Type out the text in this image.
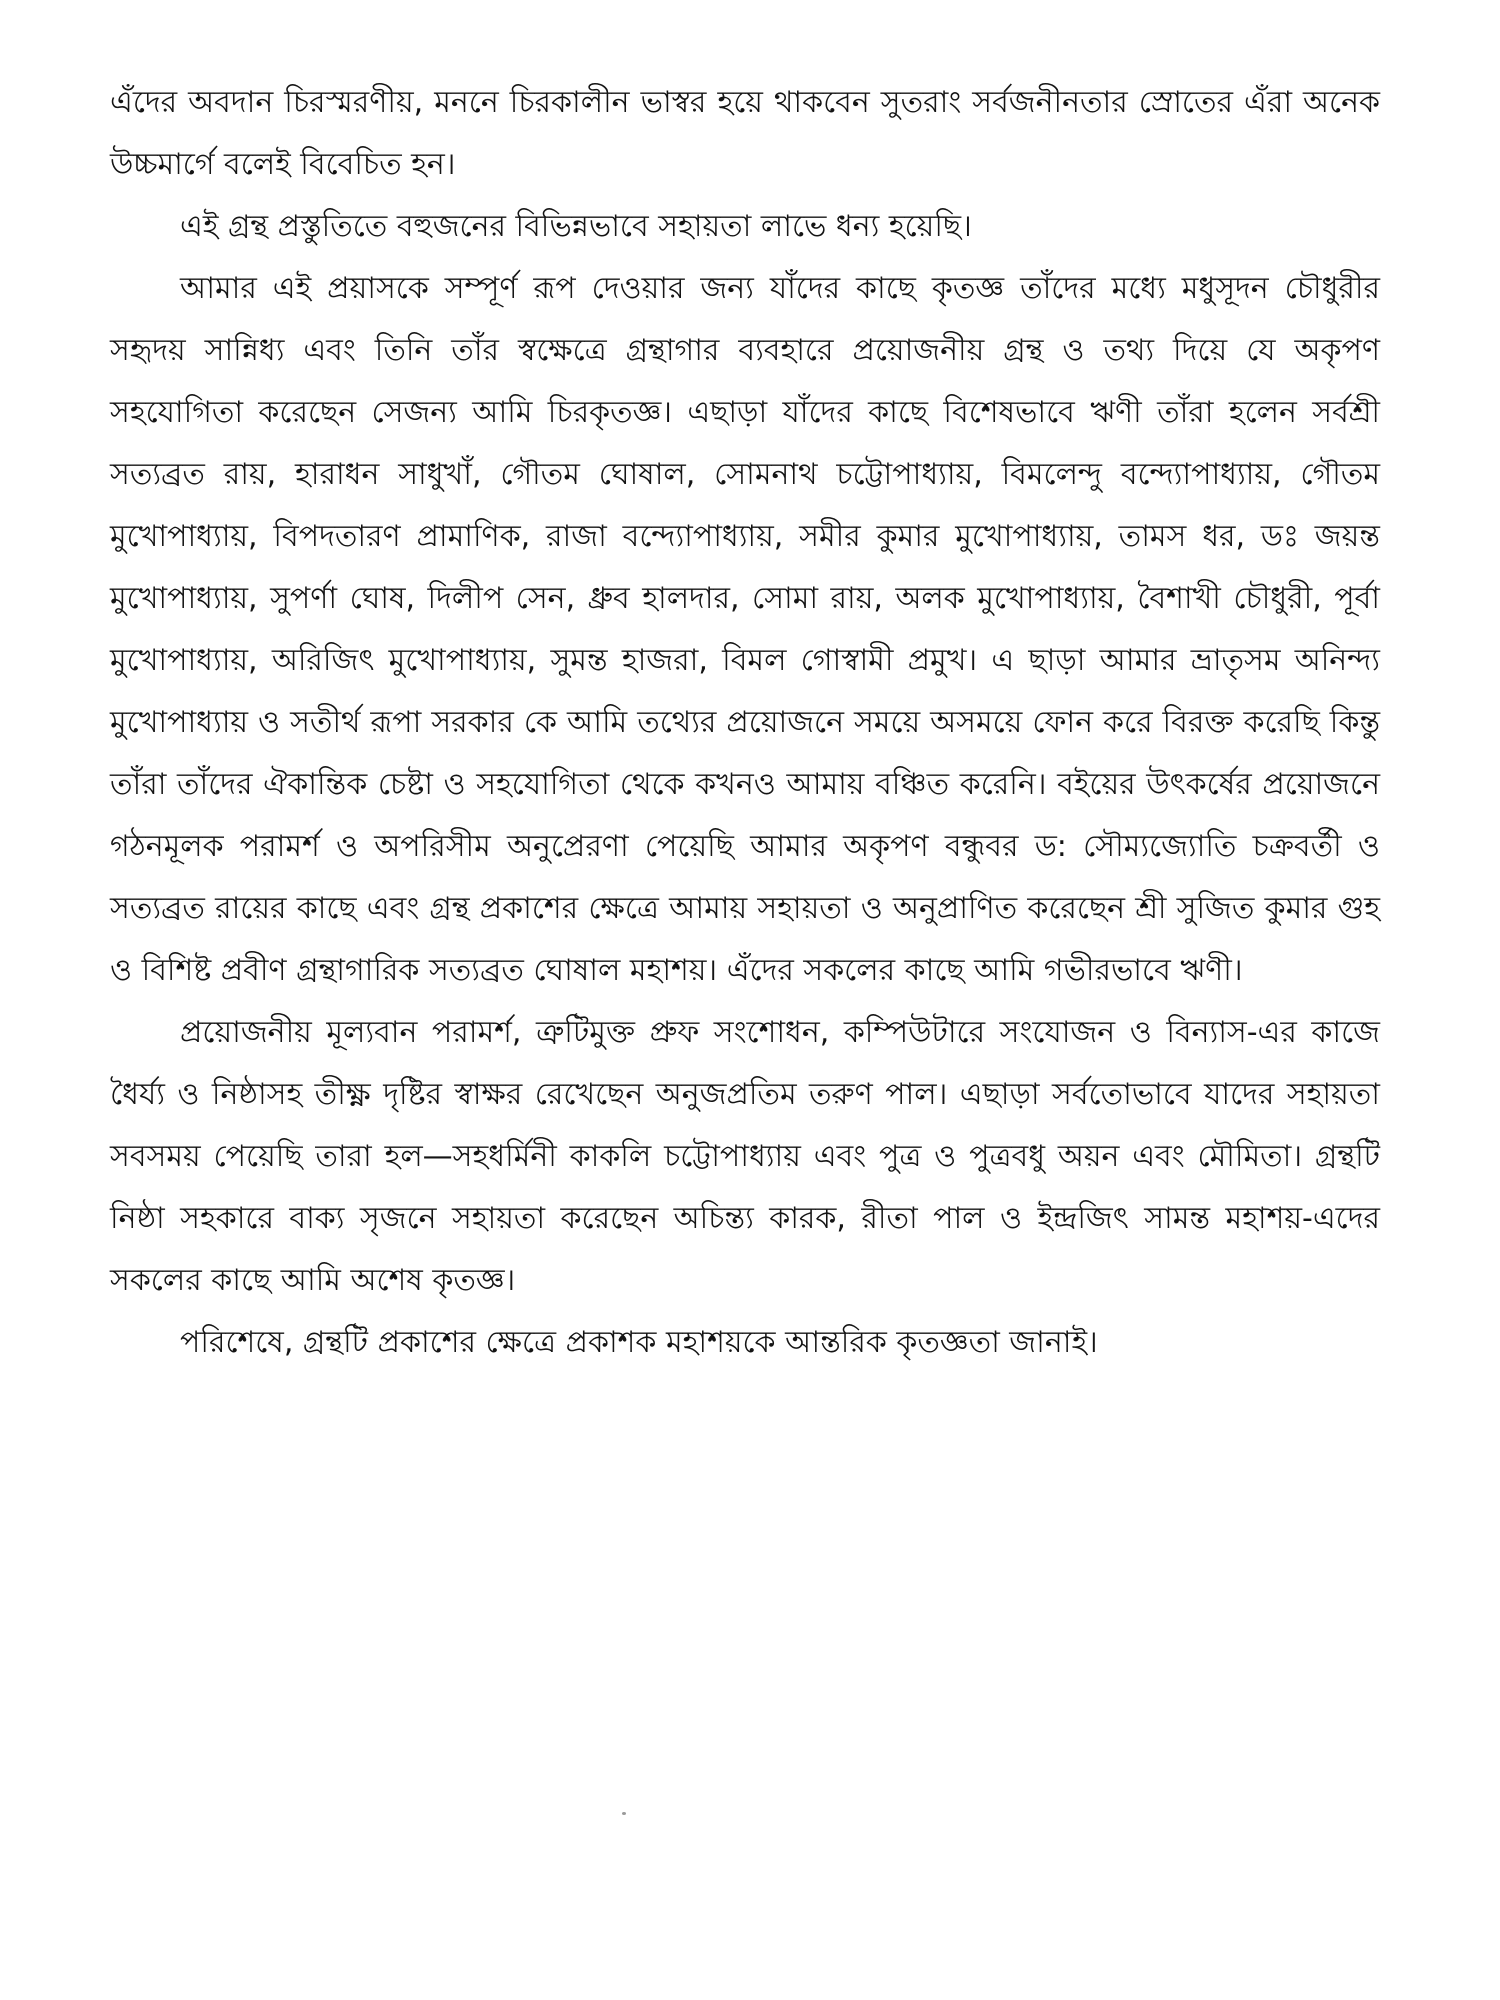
এঁদের অবদান চিরস্মরণীয়, মননে চিরকালীন ভাস্বর হয়ে থাকবেন সুতরাং সর্বজনীনতার স্রোতের এঁরা অনেক উচ্চমার্গে বলেই বিবেচিত হন।

এই গ্রন্থ প্রস্তুতিতে বহুজনের বিভিন্নভাবে সহায়তা লাভে ধন্য হয়েছি।

আমার এই প্রয়াসকে সম্পূর্ণ রূপ দেওয়ার জন্য যাঁদের কাছে কৃতজ্ঞ তাঁদের মধ্যে মধুসূদন চৌধুরীর সহৃদয় সান্নিধ্য এবং তিনি তাঁর স্বক্ষেত্রে গ্রন্থাগার ব্যবহারে প্রয়োজনীয় গ্রন্থ ও তথ্য দিয়ে যে অকৃপণ সহযোগিতা করেছেন সেজন্য আমি চিরকৃতজ্ঞ। এছাড়া যাঁদের কাছে বিশেষভাবে ঋণী তাঁরা হলেন সর্বশ্রী সত্যব্রত রায়, হারাধন সাধুখাঁ, গৌতম ঘোষাল, সোমনাথ চট্টোপাধ্যায়, বিমলেন্দু বন্দ্যোপাধ্যায়, গৌতম মুখোপাধ্যায়, বিপদতারণ প্রামাণিক, রাজা বন্দ্যোপাধ্যায়, সমীর কুমার মুখোপাধ্যায়, তামস ধর, ডঃ জয়ন্ত মুখোপাধ্যায়, সুপর্ণা ঘোষ, দিলীপ সেন, ধ্রুব হালদার, সোমা রায়, অলক মুখোপাধ্যায়, বৈশাখী চৌধুরী, পূর্বা মুখোপাধ্যায়, অরিজিৎ মুখোপাধ্যায়, সুমন্ত হাজরা, বিমল গোস্বামী প্রমুখ। এ ছাড়া আমার ভ্রাতৃসম অনিন্দ্য মুখোপাধ্যায় ও সতীর্থ রূপা সরকার কে আমি তথ্যের প্রয়োজনে সময়ে অসময়ে ফোন করে বিরক্ত করেছি কিন্তু তাঁরা তাঁদের ঐকান্তিক চেষ্টা ও সহযোগিতা থেকে কখনও আমায় বঞ্চিত করেনি। বইয়ের উৎকর্ষের প্রয়োজনে গঠনমূলক পরামর্শ ও অপরিসীম অনুপ্রেরণা পেয়েছি আমার অকৃপণ বন্ধুবর ড: সৌম্যজ্যোতি চক্রবর্তী ও সত্যব্রত রায়ের কাছে এবং গ্রন্থ প্রকাশের ক্ষেত্রে আমায় সহায়তা ও অনুপ্রাণিত করেছেন শ্রী সুজিত কুমার গুহ ও বিশিষ্ট প্রবীণ গ্রন্থাগারিক সত্যব্রত ঘোষাল মহাশয়। এঁদের সকলের কাছে আমি গভীরভাবে ঋণী।

প্রয়োজনীয় মূল্যবান পরামর্শ, ত্রুটিমুক্ত প্রুফ সংশোধন, কম্পিউটারে সংযোজন ও বিন্যাস-এর কাজে ধৈর্য্য ও নিষ্ঠাসহ তীক্ষ্ণ দৃষ্টির স্বাক্ষর রেখেছেন অনুজপ্রতিম তরুণ পাল। এছাড়া সর্বতোভাবে যাদের সহায়তা সবসময় পেয়েছি তারা হল—সহধর্মিনী কাকলি চট্টোপাধ্যায় এবং পুত্র ও পুত্রবধু অয়ন এবং মৌমিতা। গ্রন্থটি নিষ্ঠা সহকারে বাক্য সৃজনে সহায়তা করেছেন অচিন্ত্য কারক, রীতা পাল ও ইন্দ্রজিৎ সামন্ত মহাশয়-এদের সকলের কাছে আমি অশেষ কৃতজ্ঞ।

পরিশেষে, গ্রন্থটি প্রকাশের ক্ষেত্রে প্রকাশক মহাশয়কে আন্তরিক কৃতজ্ঞতা জানাই।
